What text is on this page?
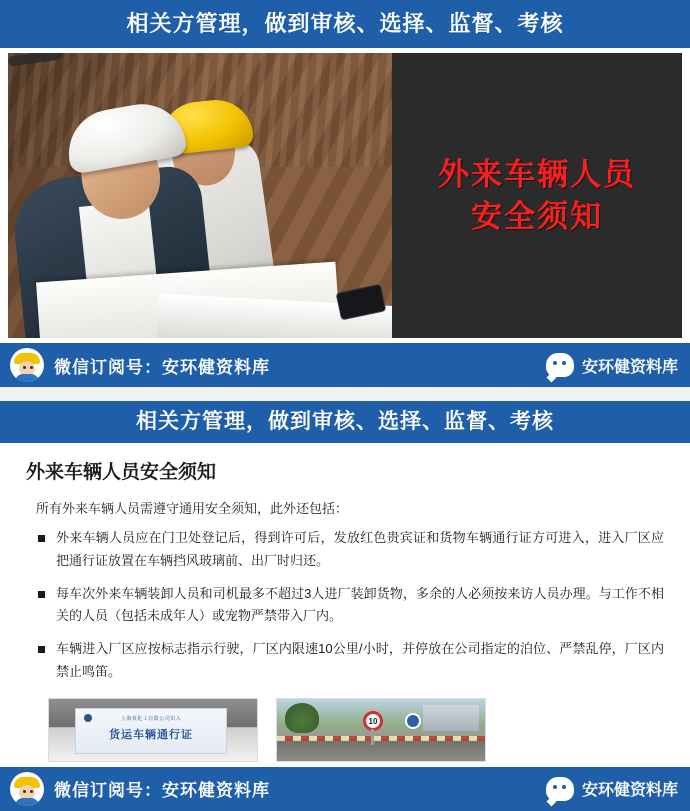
相关方管理，做到审核、选择、监督、考核
外来车辆人员
安全须知
微信订阅号：安环健资料库	安环健资料库
相关方管理，做到审核、选择、监督、考核
外来车辆人员安全须知

所有外来车辆人员需遵守通用安全须知，此外还包括：

外来车辆人员应在门卫处登记后，得到许可后，发放红色贵宾证和货物车辆通行证方可进入，进入厂区应把通行证放置在车辆挡风玻璃前、出厂时归还。
每车次外来车辆装卸人员和司机最多不超过3人进厂装卸货物，多余的人必须按来访人员办理。与工作不相关的人员（包括未成年人）或宠物严禁带入厂内。
车辆进入厂区应按标志指示行驶，厂区内限速10公里/小时，并停放在公司指定的泊位、严禁乱停，厂区内禁止鸣笛。
上海某化工有限公司出入
货运车辆通行证
10
微信订阅号：安环健资料库	安环健资料库
